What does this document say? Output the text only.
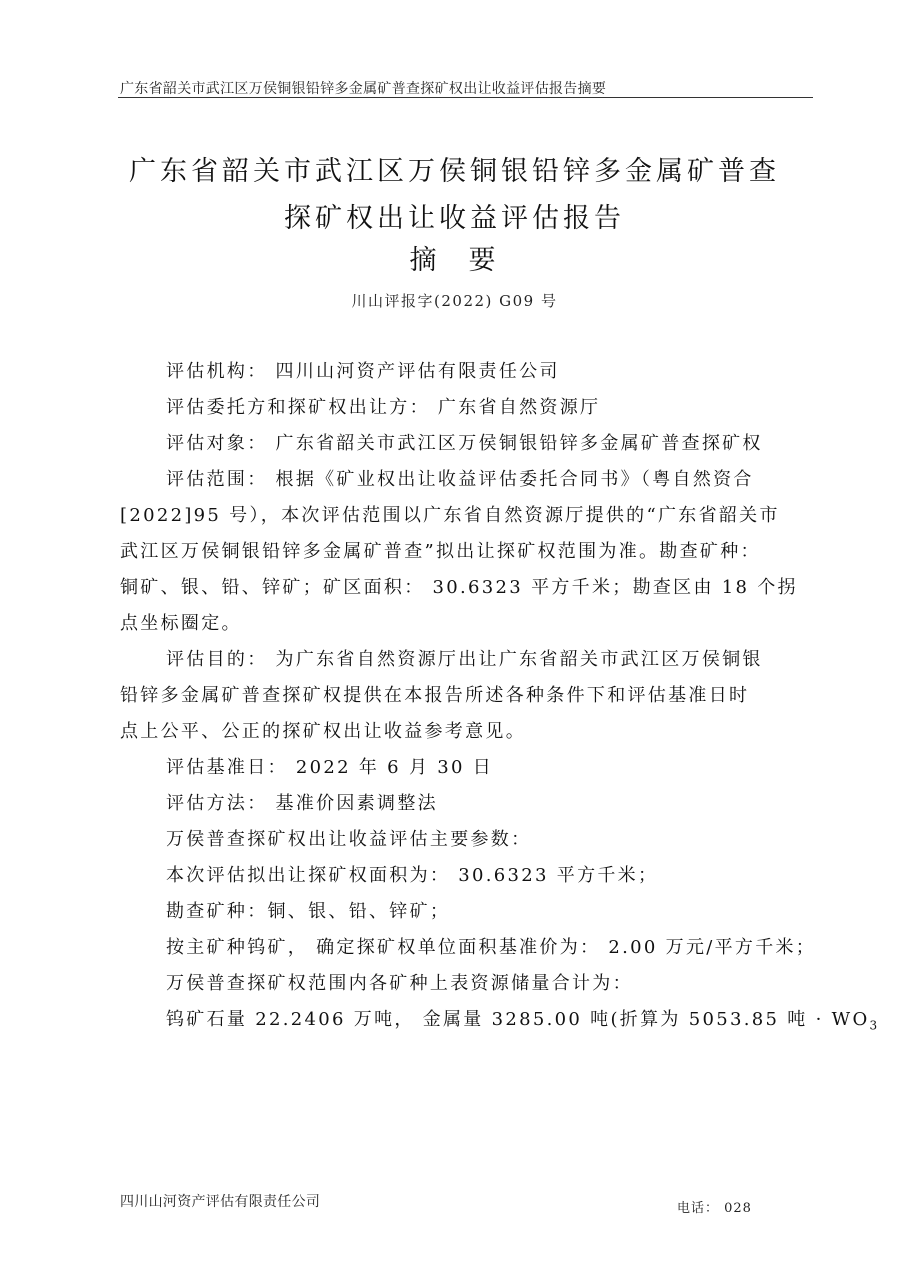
广东省韶关市武江区万侯铜银铅锌多金属矿普查探矿权出让收益评估报告摘要
广东省韶关市武江区万侯铜银铅锌多金属矿普查
探矿权出让收益评估报告
摘 要
川山评报字(2022) G09 号
评估机构： 四川山河资产评估有限责任公司
评估委托方和探矿权出让方： 广东省自然资源厅
评估对象： 广东省韶关市武江区万侯铜银铅锌多金属矿普查探矿权
评估范围： 根据《矿业权出让收益评估委托合同书》（粤自然资合
[2022]95 号），本次评估范围以广东省自然资源厅提供的“广东省韶关市
武江区万侯铜银铅锌多金属矿普查”拟出让探矿权范围为准。勘查矿种：
铜矿、银、铅、锌矿；矿区面积： 30.6323 平方千米；勘查区由 18 个拐
点坐标圈定。
评估目的： 为广东省自然资源厅出让广东省韶关市武江区万侯铜银
铅锌多金属矿普查探矿权提供在本报告所述各种条件下和评估基准日时
点上公平、公正的探矿权出让收益参考意见。
评估基准日： 2022 年 6 月 30 日
评估方法： 基准价因素调整法
万侯普查探矿权出让收益评估主要参数：
本次评估拟出让探矿权面积为： 30.6323 平方千米；
勘查矿种：铜、银、铅、锌矿；
按主矿种钨矿， 确定探矿权单位面积基准价为： 2.00 万元/平方千米；
万侯普查探矿权范围内各矿种上表资源储量合计为：
钨矿石量 22.2406 万吨， 金属量 3285.00 吨(折算为 5053.85 吨 · $WO_3$
四川山河资产评估有限责任公司	电话： 028
